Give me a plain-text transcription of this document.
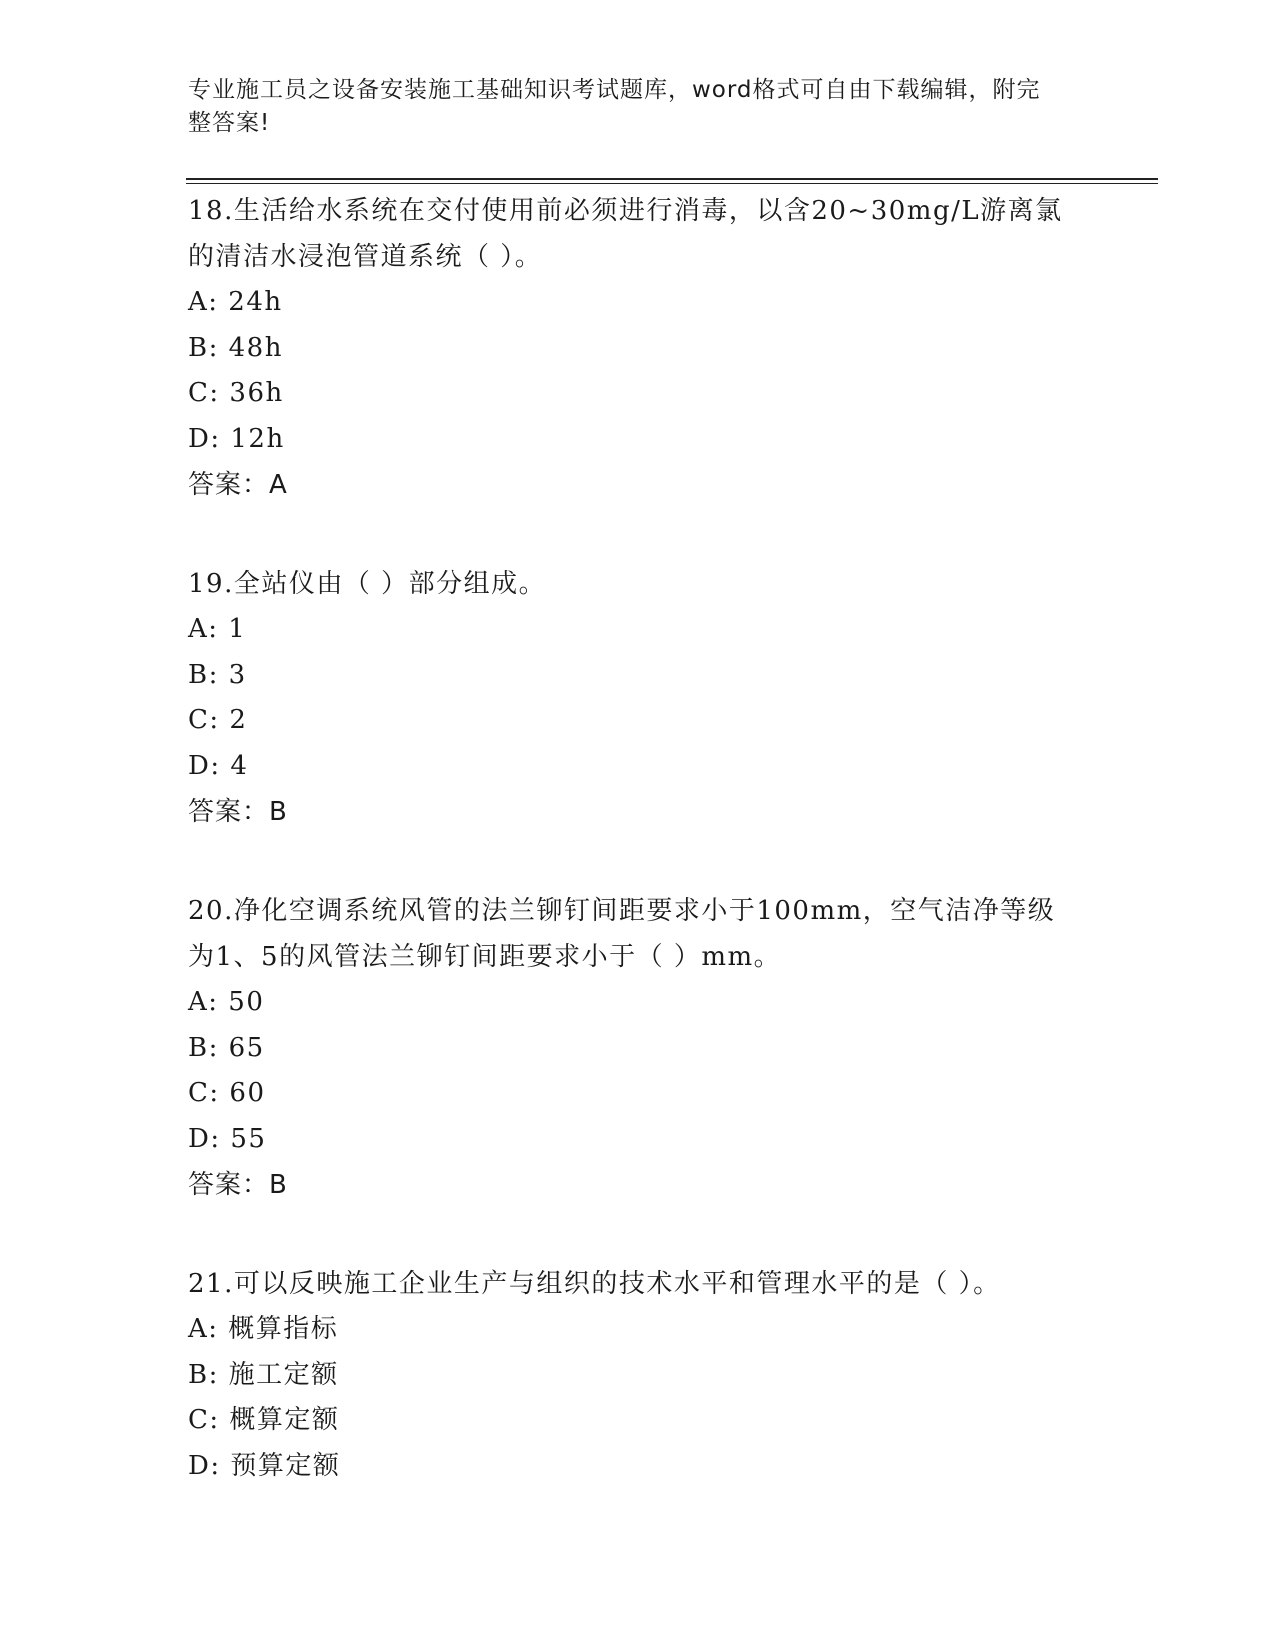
专业施工员之设备安装施工基础知识考试题库，word格式可自由下载编辑，附完
整答案!

18.生活给水系统在交付使用前必须进行消毒，以含20~30mg/L游离氯

的清洁水浸泡管道系统（ ）。

A: 24h

B: 48h

C: 36h

D: 12h

答案：A

19.全站仪由（ ）部分组成。

A: 1

B: 3

C: 2

D: 4

答案：B

20.净化空调系统风管的法兰铆钉间距要求小于100mm，空气洁净等级

为1、5的风管法兰铆钉间距要求小于（ ）mm。

A: 50

B: 65

C: 60

D: 55

答案：B

21.可以反映施工企业生产与组织的技术水平和管理水平的是（ ）。

A: 概算指标

B: 施工定额

C: 概算定额

D: 预算定额
